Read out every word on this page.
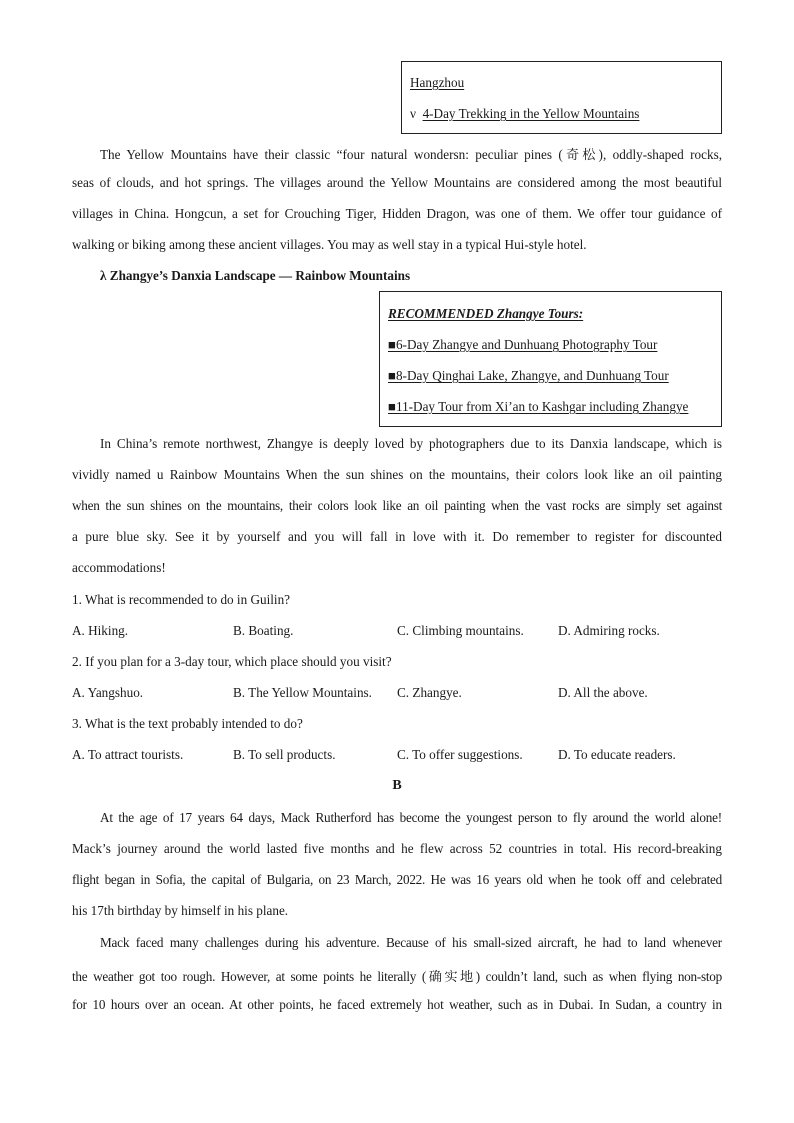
Hangzhou
ν 4-Day Trekking in the Yellow Mountains
The Yellow Mountains have their classic “four natural wondersn: peculiar pines (奇松), oddly-shaped rocks,
seas of clouds, and hot springs. The villages around the Yellow Mountains are considered among the most beautiful
villages in China. Hongcun, a set for Crouching Tiger, Hidden Dragon, was one of them. We offer tour guidance of
walking or biking among these ancient villages. You may as well stay in a typical Hui-style hotel.
λ Zhangye’s Danxia Landscape — Rainbow Mountains
RECOMMENDED Zhangye Tours:
■6-Day Zhangye and Dunhuang Photography Tour
■8-Day Qinghai Lake, Zhangye, and Dunhuang Tour
■11-Day Tour from Xi’an to Kashgar including Zhangye
In China’s remote northwest, Zhangye is deeply loved by photographers due to its Danxia landscape, which is
vividly named u Rainbow Mountains When the sun shines on the mountains, their colors look like an oil painting
when the sun shines on the mountains, their colors look like an oil painting when the vast rocks are simply set against
a pure blue sky. See it by yourself and you will fall in love with it. Do remember to register for discounted
accommodations!
1. What is recommended to do in Guilin?
A. Hiking.	B. Boating.	C. Climbing mountains.	D. Admiring rocks.
2. If you plan for a 3-day tour, which place should you visit?
A. Yangshuo.	B. The Yellow Mountains. C. Zhangye.	D. All the above.
3. What is the text probably intended to do?
A. To attract tourists.	B. To sell products.	C. To offer suggestions.	D. To educate readers.
B
At the age of 17 years 64 days, Mack Rutherford has become the youngest person to fly around the world alone!
Mack’s journey around the world lasted five months and he flew across 52 countries in total. His record-breaking
flight began in Sofia, the capital of Bulgaria, on 23 March, 2022. He was 16 years old when he took off and celebrated
his 17th birthday by himself in his plane.
Mack faced many challenges during his adventure. Because of his small-sized aircraft, he had to land whenever
the weather got too rough. However, at some points he literally (确实地) couldn’t land, such as when flying non-stop
for 10 hours over an ocean. At other points, he faced extremely hot weather, such as in Dubai. In Sudan, a country in
